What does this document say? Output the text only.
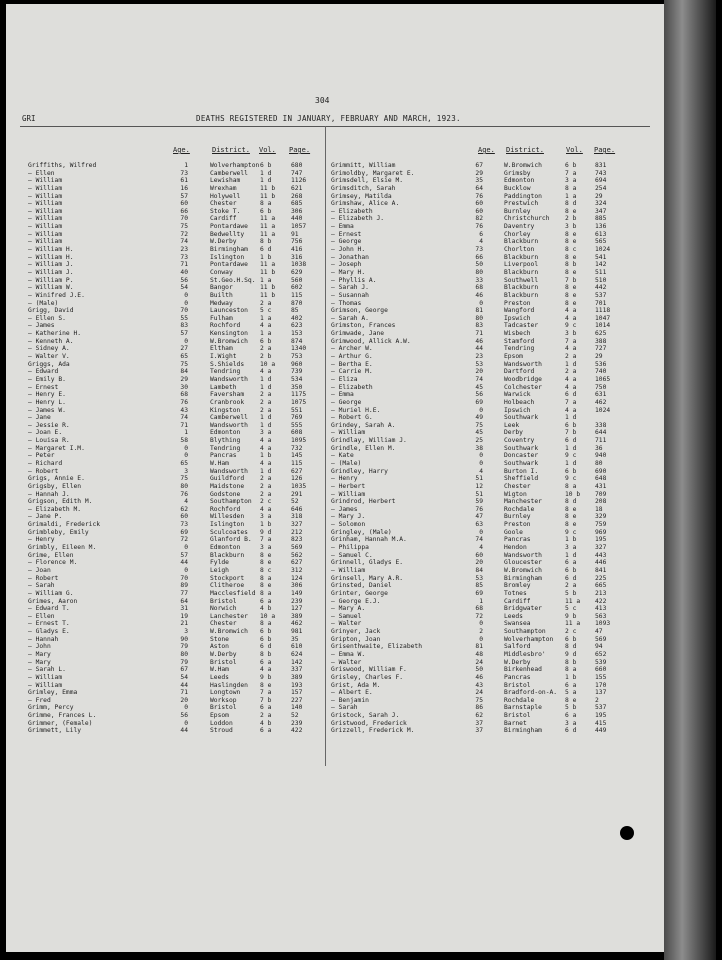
304
GRI	DEATHS REGISTERED IN JANUARY, FEBRUARY AND MARCH, 1923.
Age.	District. Vol. Page.	Age. District.	Vol. Page.
Griffiths, Wilfred	1	Wolverhampton 6 b	680
— Ellen	73	Camberwell 1 d	747
— William	61	Lewisham	1 d	1126
— William	16	Wrexham	11 b	621
— William	57	Holywell	11 b	268
— William	60	Chester	8 a	685
— William	66	Stoke T.	6 b	306
— William	70	Cardiff	11 a	440
— William	75	Pontardawe 11 a	1057
— William	72	Bedwellty	11 a	91
— William	74	W.Derby	8 b	756
— William H.	23	Birmingham 6 d	416
— William H.	73	Islington	1 b	316
— William J.	71	Pontardawe 11 a	1038
— William J.	40	Conway	11 b	629
— William P.	56	St.Geo.H.Sq. 1 a	560
— William W.	54	Bangor	11 b	602
— Winifred J.E.	0	Builth	11 b	115
— (Male)	0	Medway	2 a	870
Grigg, David	70	Launceston 5 c	85
— Ellen S.	55	Fulham	1 a	402
— James	83	Rochford	4 a	623
— Katherine H.	57	Kensington 1 a	153
— Kenneth A.	0	W.Bromwich 6 b	874
— Sidney A.	27	Eltham	2 a	1340
— Walter V.	65	I.Wight	2 b	753
Griggs, Ada	75	S.Shields	10 a	960
— Edward	84	Tendring	4 a	739
— Emily B.	29	Wandsworth 1 d	534
— Ernest	30	Lambeth	1 d	350
— Henry E.	68	Faversham	2 a	1175
— Henry L.	76	Cranbrook	2 a	1075
— James W.	43	Kingston	2 a	551
— Jane	74	Camberwell 1 d	769
— Jessie R.	71	Wandsworth 1 d	555
— Joan E.	1	Edmonton	3 a	608
— Louisa R.	58	Blything	4 a	1095
— Margaret I.M.	0	Tendring	4 a	732
— Peter	0	Pancras	1 b	145
— Richard	65	W.Ham	4 a	115
— Robert	3	Wandsworth 1 d	627
Grigs, Annie E.	75	Guildford	2 a	126
Grigsby, Ellen	80	Maidstone	2 a	1035
— Hannah J.	76	Godstone	2 a	291
Grigson, Edith M.	4	Southampton 2 c	52
— Elizabeth M.	62	Rochford	4 a	646
— Jane P.	60	Willesden	3 a	318
Grimaldi, Frederick	73	Islington	1 b	327
Grimbleby, Emily	69	Sculcoates 9 d	212
— Henry	72	Glanford B. 7 a	823
Grimbly, Eileen M.	0	Edmonton	3 a	569
Grime, Ellen	57	Blackburn	8 e	562
— Florence M.	44	Fylde	8 e	627
— Joan	0	Leigh	8 c	312
— Robert	70	Stockport	8 a	124
— Sarah	89	Clitheroe	8 e	306
— William G.	77	Macclesfield 8 a	149
Grimes, Aaron	64	Bristol	6 a	239
— Edward T.	31	Norwich	4 b	127
— Ellen	19	Lanchester 10 a	389
— Ernest T.	21	Chester	8 a	462
— Gladys E.	3	W.Bromwich 6 b	981
— Hannah	90	Stone	6 b	35
— John	79	Aston	6 d	610
— Mary	80	W.Derby	8 b	624
— Mary	79	Bristol	6 a	142
— Sarah L.	67	W.Ham	4 a	337
— William	54	Leeds	9 b	389
— William	44	Haslingden 8 e	193
Grimley, Emma	71	Longtown	7 a	157
— Fred	20	Worksop	7 b	227
Grimm, Percy	0	Bristol	6 a	140
Grimme, Frances L.	56	Epsom	2 a	52
Grimmer, (Female)	0	Loddon	4 b	239
Grimmett, Lily	44	Stroud	6 a	422
Grimmitt, William	67	W.Bromwich	6 b	831
Grimoldby, Margaret E.	29	Grimsby	7 a	743
Grimsdell, Elsie M.	35	Edmonton	3 a	694
Grimsditch, Sarah	64	Bucklow	8 a	254
Grimsey, Matilda	76	Paddington	1 a	29
Grimshaw, Alice A.	60	Prestwich	8 d	324
— Elizabeth	60	Burnley	8 e	347
— Elizabeth J.	82	Christchurch 2 b	885
— Emma	76	Daventry	3 b	136
— Ernest	6	Chorley	8 e	613
— George	4	Blackburn	8 e	565
— John H.	73	Chorlton	8 c	1024
— Jonathan	66	Blackburn	8 e	541
— Joseph	50	Liverpool	8 b	142
— Mary H.	80	Blackburn	8 e	511
— Phyllis A.	33	Southwell	7 b	510
— Sarah J.	68	Blackburn	8 e	442
— Susannah	46	Blackburn	8 e	537
— Thomas	0	Preston	8 e	701
Grimson, George	81	Wangford	4 a	1118
— Sarah A.	80	Ipswich	4 a	1047
Grimston, Frances	83	Tadcaster	9 c	1014
Grimwade, Jane	71	Wisbech	3 b	625
Grimwood, Allick A.W.	46	Stamford	7 a	388
— Archer W.	44	Tendring	4 a	727
— Arthur G.	23	Epsom	2 a	29
— Bertha E.	53	Wandsworth	1 d	536
— Carrie M.	20	Dartford	2 a	740
— Eliza	74	Woodbridge	4 a	1065
— Elizabeth	45	Colchester	4 a	750
— Emma	56	Warwick	6 d	631
— George	69	Holbeach	7 a	462
— Muriel H.E.	0	Ipswich	4 a	1024
— Robert G.	49	Southwark	1 d
Grindey, Sarah A.	75	Leek	6 b	338
— William	45	Derby	7 b	644
Grindlay, William J.	25	Coventry	6 d	711
Grindle, Ellen M.	38	Southwark	1 d	36
— Kate	0	Doncaster	9 c	940
— (Male)	0	Southwark	1 d	80
Grindley, Harry	4	Burton I.	6 b	690
— Henry	51	Sheffield	9 c	648
— Herbert	12	Chester	8 a	431
— William	51	Wigton	10 b 709
Grindrod, Herbert	59	Manchester	8 d	208
— James	76	Rochdale	8 e	18
— Mary J.	47	Burnley	8 e	329
— Solomon	63	Preston	8 e	759
Gringley, (Male)	0	Goole	9 c	969
Grinham, Hannah M.A.	74	Pancras	1 b	195
— Philippa	4	Hendon	3 a	327
— Samuel C.	60	Wandsworth	1 d	443
Grinnell, Gladys E.	20	Gloucester	6 a	446
— William	84	W.Bromwich	6 b	841
Grinsell, Mary A.R.	53	Birmingham	6 d	225
Grinsted, Daniel	85	Bromley	2 a	665
Grinter, George	69	Totnes	5 b	213
— George E.J.	1	Cardiff	11 a 422
— Mary A.	68	Bridgwater	5 c	413
— Samuel	72	Leeds	9 b	563
— Walter	0	Swansea	11 a 1093
Grinyer, Jack	2	Southampton	2 c	47
Gripton, Joan	0	Wolverhampton 6 b	569
Grisenthwaite, Elizabeth	81	Salford	8 d	94
— Emma W.	48	Middlesbro'	9 d	652
— Walter	24	W.Derby	8 b	539
Griswood, William F.	50	Birkenhead	8 a	660
Grisley, Charles F.	46	Pancras	1 b	155
Grist, Ada M.	43	Bristol	6 a	170
— Albert E.	24	Bradford-on-A. 5 a	137
— Benjamin	75	Rochdale	8 e	2
— Sarah	86	Barnstaple	5 b	537
Gristock, Sarah J.	62	Bristol	6 a	195
Gristwood, Frederick	37	Barnet	3 a	415
Grizzell, Frederick M.	37	Birmingham	6 d	449
